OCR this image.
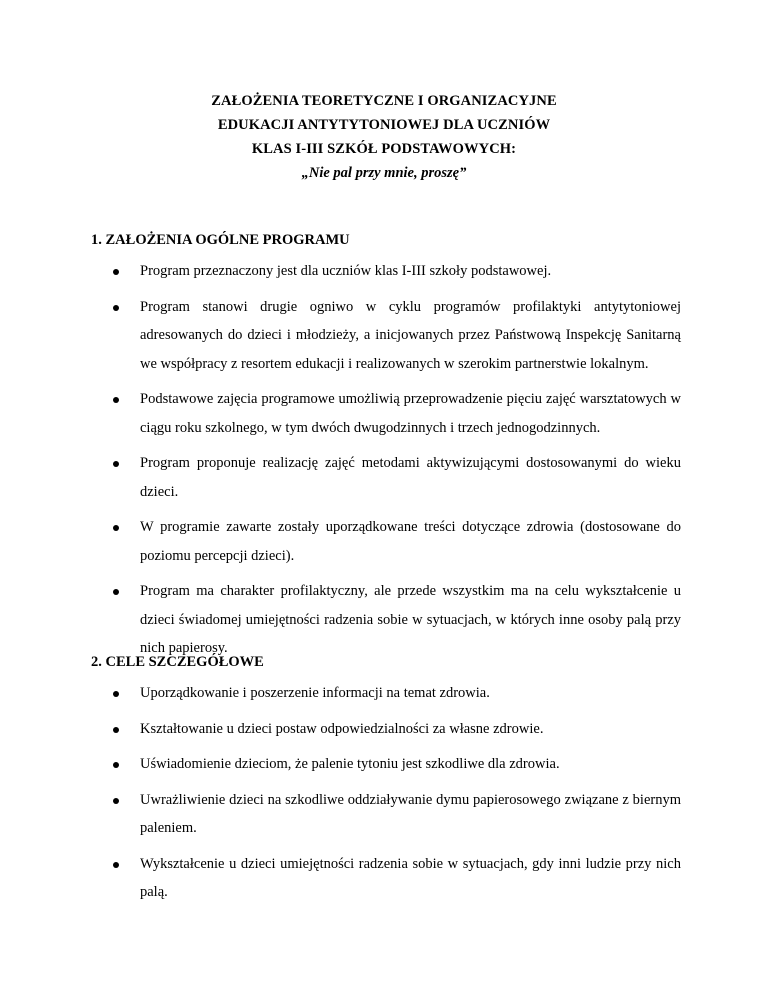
ZAŁOŻENIA TEORETYCZNE I ORGANIZACYJNE
EDUKACJI ANTYTYTONIOWEJ DLA UCZNIÓW
KLAS I-III SZKÓŁ PODSTAWOWYCH:
„Nie pal przy mnie, proszę”
1. ZAŁOŻENIA OGÓLNE PROGRAMU
Program przeznaczony jest dla uczniów klas I-III szkoły podstawowej.
Program stanowi drugie ogniwo w cyklu programów profilaktyki antytytoniowej adresowanych do dzieci i młodzieży, a inicjowanych przez Państwową Inspekcję Sanitarną we współpracy z resortem edukacji i realizowanych w szerokim partnerstwie lokalnym.
Podstawowe zajęcia programowe umożliwią przeprowadzenie pięciu zajęć warsztatowych w ciągu roku szkolnego, w tym dwóch dwugodzinnych i trzech jednogodzinnych.
Program proponuje realizację zajęć metodami aktywizującymi dostosowanymi do wieku dzieci.
W programie zawarte zostały uporządkowane treści dotyczące zdrowia (dostosowane do poziomu percepcji dzieci).
Program ma charakter profilaktyczny, ale przede wszystkim ma na celu wykształcenie u dzieci świadomej umiejętności radzenia sobie w sytuacjach, w których inne osoby palą przy nich papierosy.
2. CELE SZCZEGÓŁOWE
Uporządkowanie i poszerzenie informacji na temat zdrowia.
Kształtowanie u dzieci postaw odpowiedzialności za własne zdrowie.
Uświadomienie dzieciom, że palenie tytoniu jest szkodliwe dla zdrowia.
Uwrażliwienie dzieci na szkodliwe oddziaływanie dymu papierosowego związane z biernym paleniem.
Wykształcenie u dzieci umiejętności radzenia sobie w sytuacjach, gdy inni ludzie przy nich palą.
